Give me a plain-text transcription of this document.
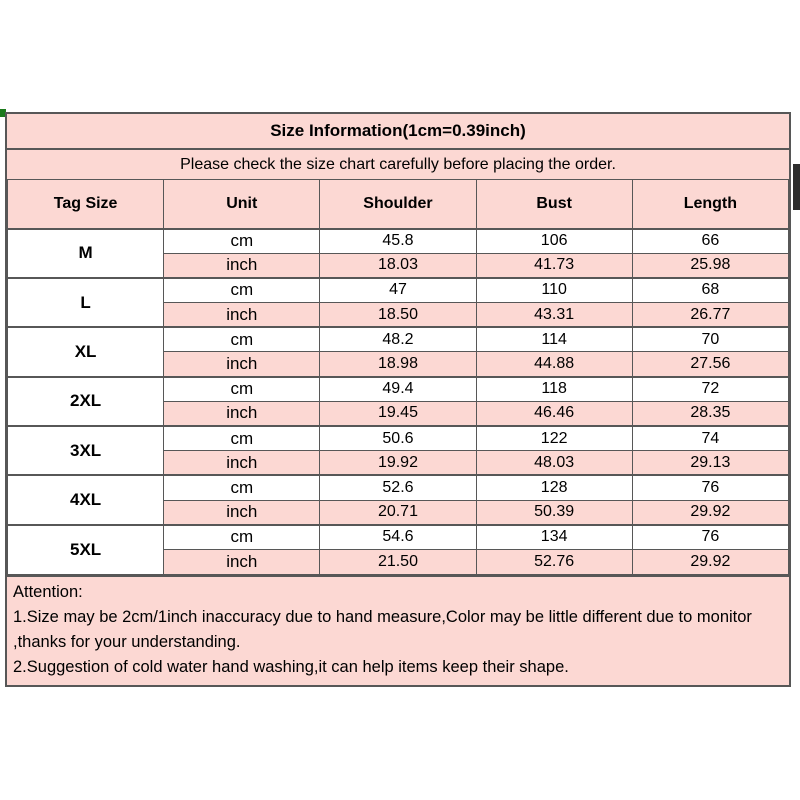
Size Information(1cm=0.39inch)
Please check the size chart carefully before placing the order.
Tag Size	Unit	Shoulder	Bust	Length
M	cm	45.8	106	66
	inch	18.03	41.73	25.98
L	cm	47	110	68
	inch	18.50	43.31	26.77
XL	cm	48.2	114	70
	inch	18.98	44.88	27.56
2XL	cm	49.4	118	72
	inch	19.45	46.46	28.35
3XL	cm	50.6	122	74
	inch	19.92	48.03	29.13
4XL	cm	52.6	128	76
	inch	20.71	50.39	29.92
5XL	cm	54.6	134	76
	inch	21.50	52.76	29.92
Attention:
1.Size may be 2cm/1inch inaccuracy due to hand measure,Color may be little different due to monitor
,thanks for your understanding.
2.Suggestion of cold water hand washing,it can help items keep their shape.
